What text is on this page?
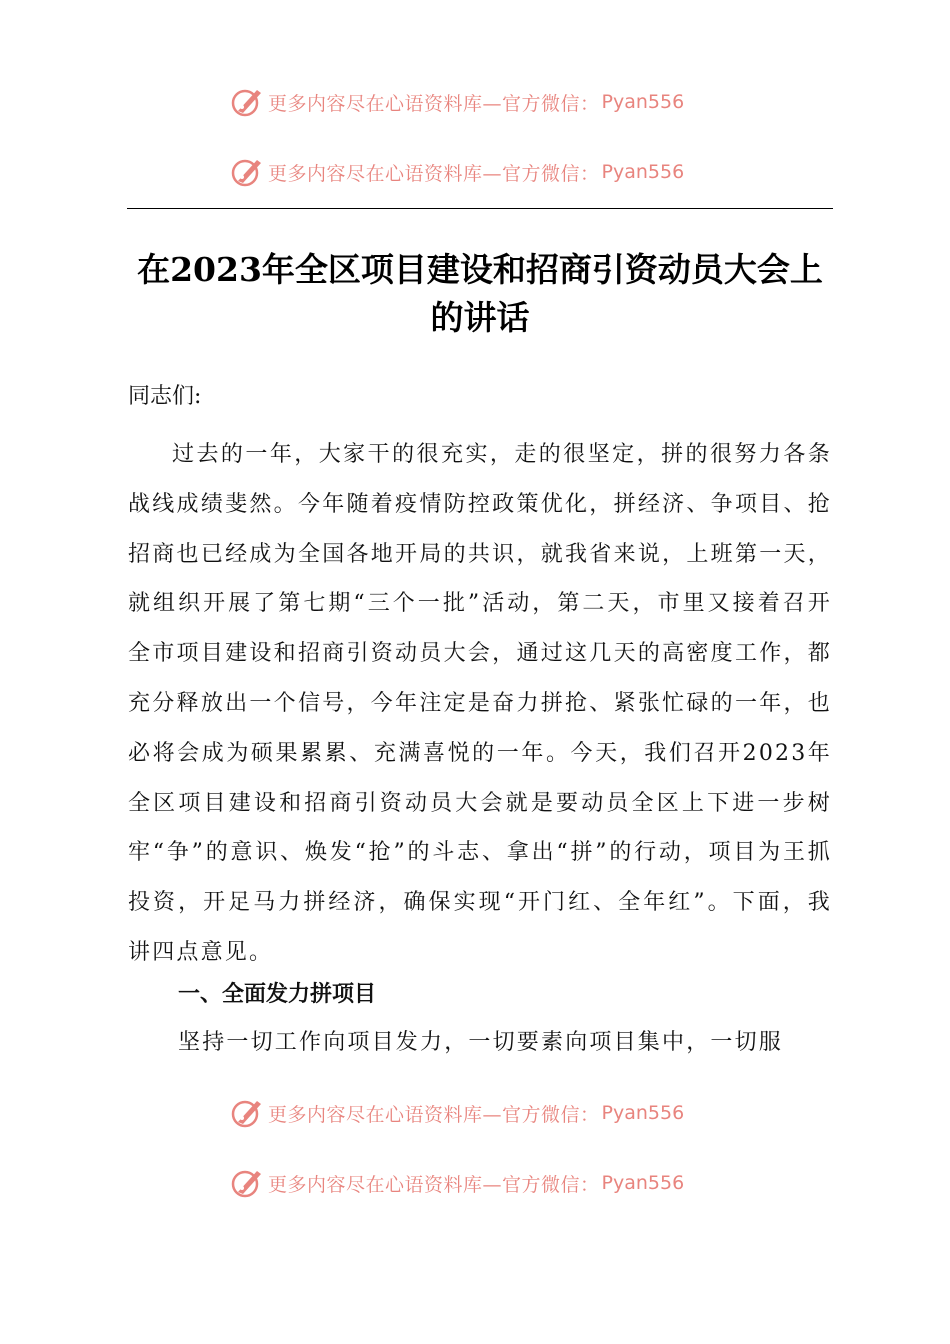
更多内容尽在心语资料库—官方微信： Pyan556
更多内容尽在心语资料库—官方微信： Pyan556
在2023年全区项目建设和招商引资动员大会上的讲话
同志们:
过去的一年，大家干的很充实，走的很坚定，拼的很努力各条战线成绩斐然。今年随着疫情防控政策优化，拼经济、争项目、抢招商也已经成为全国各地开局的共识，就我省来说，上班第一天，就组织开展了第七期“三个一批”活动，第二天，市里又接着召开全市项目建设和招商引资动员大会，通过这几天的高密度工作，都充分释放出一个信号，今年注定是奋力拼抢、紧张忙碌的一年，也必将会成为硕果累累、充满喜悦的一年。今天，我们召开2023年全区项目建设和招商引资动员大会就是要动员全区上下进一步树牢“争”的意识、焕发“抢”的斗志、拿出“拼”的行动，项目为王抓投资，开足马力拼经济，确保实现“开门红、全年红”。下面，我讲四点意见。
一、全面发力拼项目
坚持一切工作向项目发力，一切要素向项目集中，一切服
更多内容尽在心语资料库—官方微信： Pyan556
更多内容尽在心语资料库—官方微信： Pyan556
